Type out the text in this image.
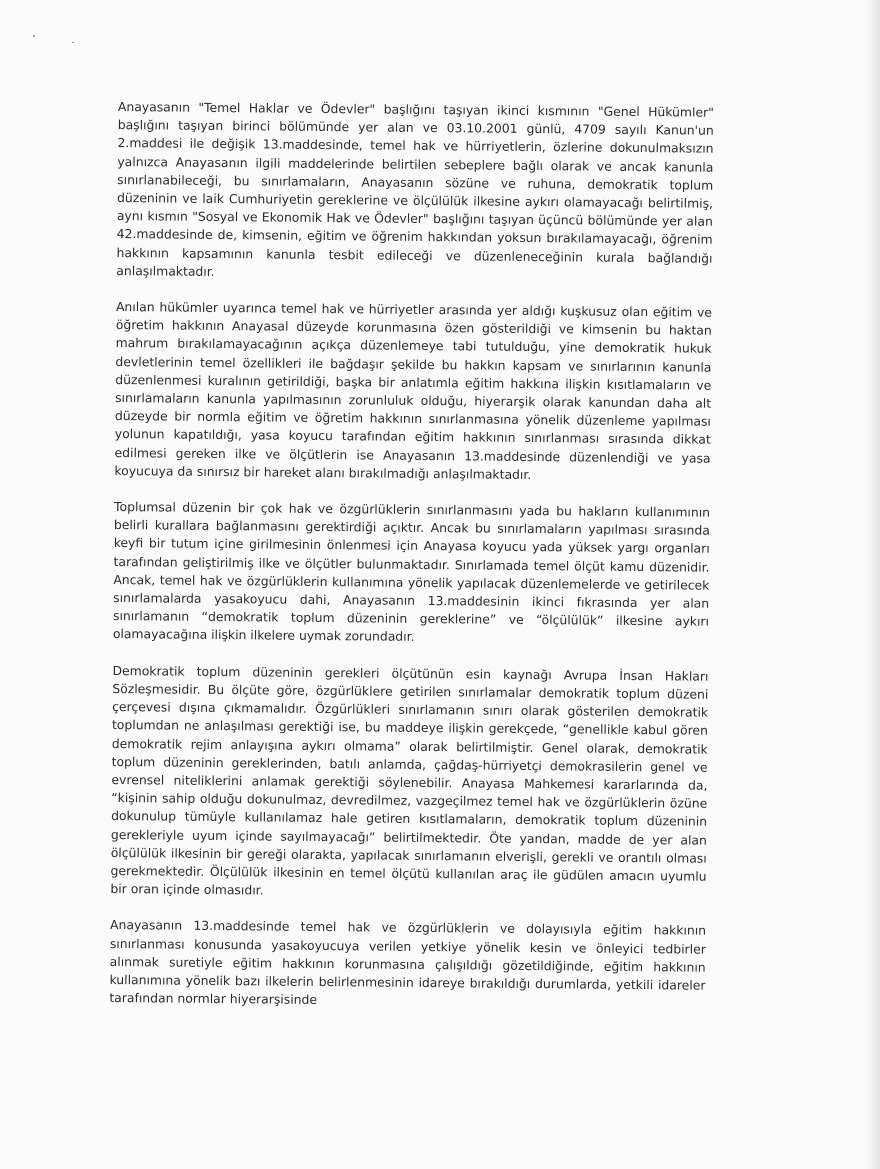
Anayasanın "Temel Haklar ve Ödevler" başlığını taşıyan ikinci kısmının "Genel Hükümler" başlığını taşıyan birinci bölümünde yer alan ve 03.10.2001 günlü, 4709 sayılı Kanun'un 2.maddesi ile değişik 13.maddesinde, temel hak ve hürriyetlerin, özlerine dokunulmaksızın yalnızca Anayasanın ilgili maddelerinde belirtilen sebeplere bağlı olarak ve ancak kanunla sınırlanabileceği, bu sınırlamaların, Anayasanın sözüne ve ruhuna, demokratik toplum düzeninin ve laik Cumhuriyetin gereklerine ve ölçülülük ilkesine aykırı olamayacağı belirtilmiş, aynı kısmın "Sosyal ve Ekonomik Hak ve Ödevler" başlığını taşıyan üçüncü bölümünde yer alan 42.maddesinde de, kimsenin, eğitim ve öğrenim hakkından yoksun bırakılamayacağı, öğrenim hakkının kapsamının kanunla tesbit edileceği ve düzenleneceğinin kurala bağlandığı anlaşılmaktadır.

Anılan hükümler uyarınca temel hak ve hürriyetler arasında yer aldığı kuşkusuz olan eğitim ve öğretim hakkının Anayasal düzeyde korunmasına özen gösterildiği ve kimsenin bu haktan mahrum bırakılamayacağının açıkça düzenlemeye tabi tutulduğu, yine demokratik hukuk devletlerinin temel özellikleri ile bağdaşır şekilde bu hakkın kapsam ve sınırlarının kanunla düzenlenmesi kuralının getirildiği, başka bir anlatımla eğitim hakkına ilişkin kısıtlamaların ve sınırlamaların kanunla yapılmasının zorunluluk olduğu, hiyerarşik olarak kanundan daha alt düzeyde bir normla eğitim ve öğretim hakkının sınırlanmasına yönelik düzenleme yapılması yolunun kapatıldığı, yasa koyucu tarafından eğitim hakkının sınırlanması sırasında dikkat edilmesi gereken ilke ve ölçütlerin ise Anayasanın 13.maddesinde düzenlendiği ve yasa koyucuya da sınırsız bir hareket alanı bırakılmadığı anlaşılmaktadır.

Toplumsal düzenin bir çok hak ve özgürlüklerin sınırlanmasını yada bu hakların kullanımının belirli kurallara bağlanmasını gerektirdiği açıktır. Ancak bu sınırlamaların yapılması sırasında keyfi bir tutum içine girilmesinin önlenmesi için Anayasa koyucu yada yüksek yargı organları tarafından geliştirilmiş ilke ve ölçütler bulunmaktadır. Sınırlamada temel ölçüt kamu düzenidir. Ancak, temel hak ve özgürlüklerin kullanımına yönelik yapılacak düzenlemelerde ve getirilecek sınırlamalarda yasakoyucu dahi, Anayasanın 13.maddesinin ikinci fıkrasında yer alan sınırlamanın “demokratik toplum düzeninin gereklerine” ve “ölçülülük” ilkesine aykırı olamayacağına ilişkin ilkelere uymak zorundadır.

Demokratik toplum düzeninin gerekleri ölçütünün esin kaynağı Avrupa İnsan Hakları Sözleşmesidir. Bu ölçüte göre, özgürlüklere getirilen sınırlamalar demokratik toplum düzeni çerçevesi dışına çıkmamalıdır. Özgürlükleri sınırlamanın sınırı olarak gösterilen demokratik toplumdan ne anlaşılması gerektiği ise, bu maddeye ilişkin gerekçede, “genellikle kabul gören demokratik rejim anlayışına aykırı olmama” olarak belirtilmiştir. Genel olarak, demokratik toplum düzeninin gereklerinden, batılı anlamda, çağdaş-hürriyetçi demokrasilerin genel ve evrensel niteliklerini anlamak gerektiği söylenebilir. Anayasa Mahkemesi kararlarında da, “kişinin sahip olduğu dokunulmaz, devredilmez, vazgeçilmez temel hak ve özgürlüklerin özüne dokunulup tümüyle kullanılamaz hale getiren kısıtlamaların, demokratik toplum düzeninin gerekleriyle uyum içinde sayılmayacağı” belirtilmektedir. Öte yandan, madde de yer alan ölçülülük ilkesinin bir gereği olarakta, yapılacak sınırlamanın elverişli, gerekli ve orantılı olması gerekmektedir. Ölçülülük ilkesinin en temel ölçütü kullanılan araç ile güdülen amacın uyumlu bir oran içinde olmasıdır.

Anayasanın 13.maddesinde temel hak ve özgürlüklerin ve dolayısıyla eğitim hakkının sınırlanması konusunda yasakoyucuya verilen yetkiye yönelik kesin ve önleyici tedbirler alınmak suretiyle eğitim hakkının korunmasına çalışıldığı gözetildiğinde, eğitim hakkının kullanımına yönelik bazı ilkelerin belirlenmesinin idareye bırakıldığı durumlarda, yetkili idareler tarafından normlar hiyerarşisinde
